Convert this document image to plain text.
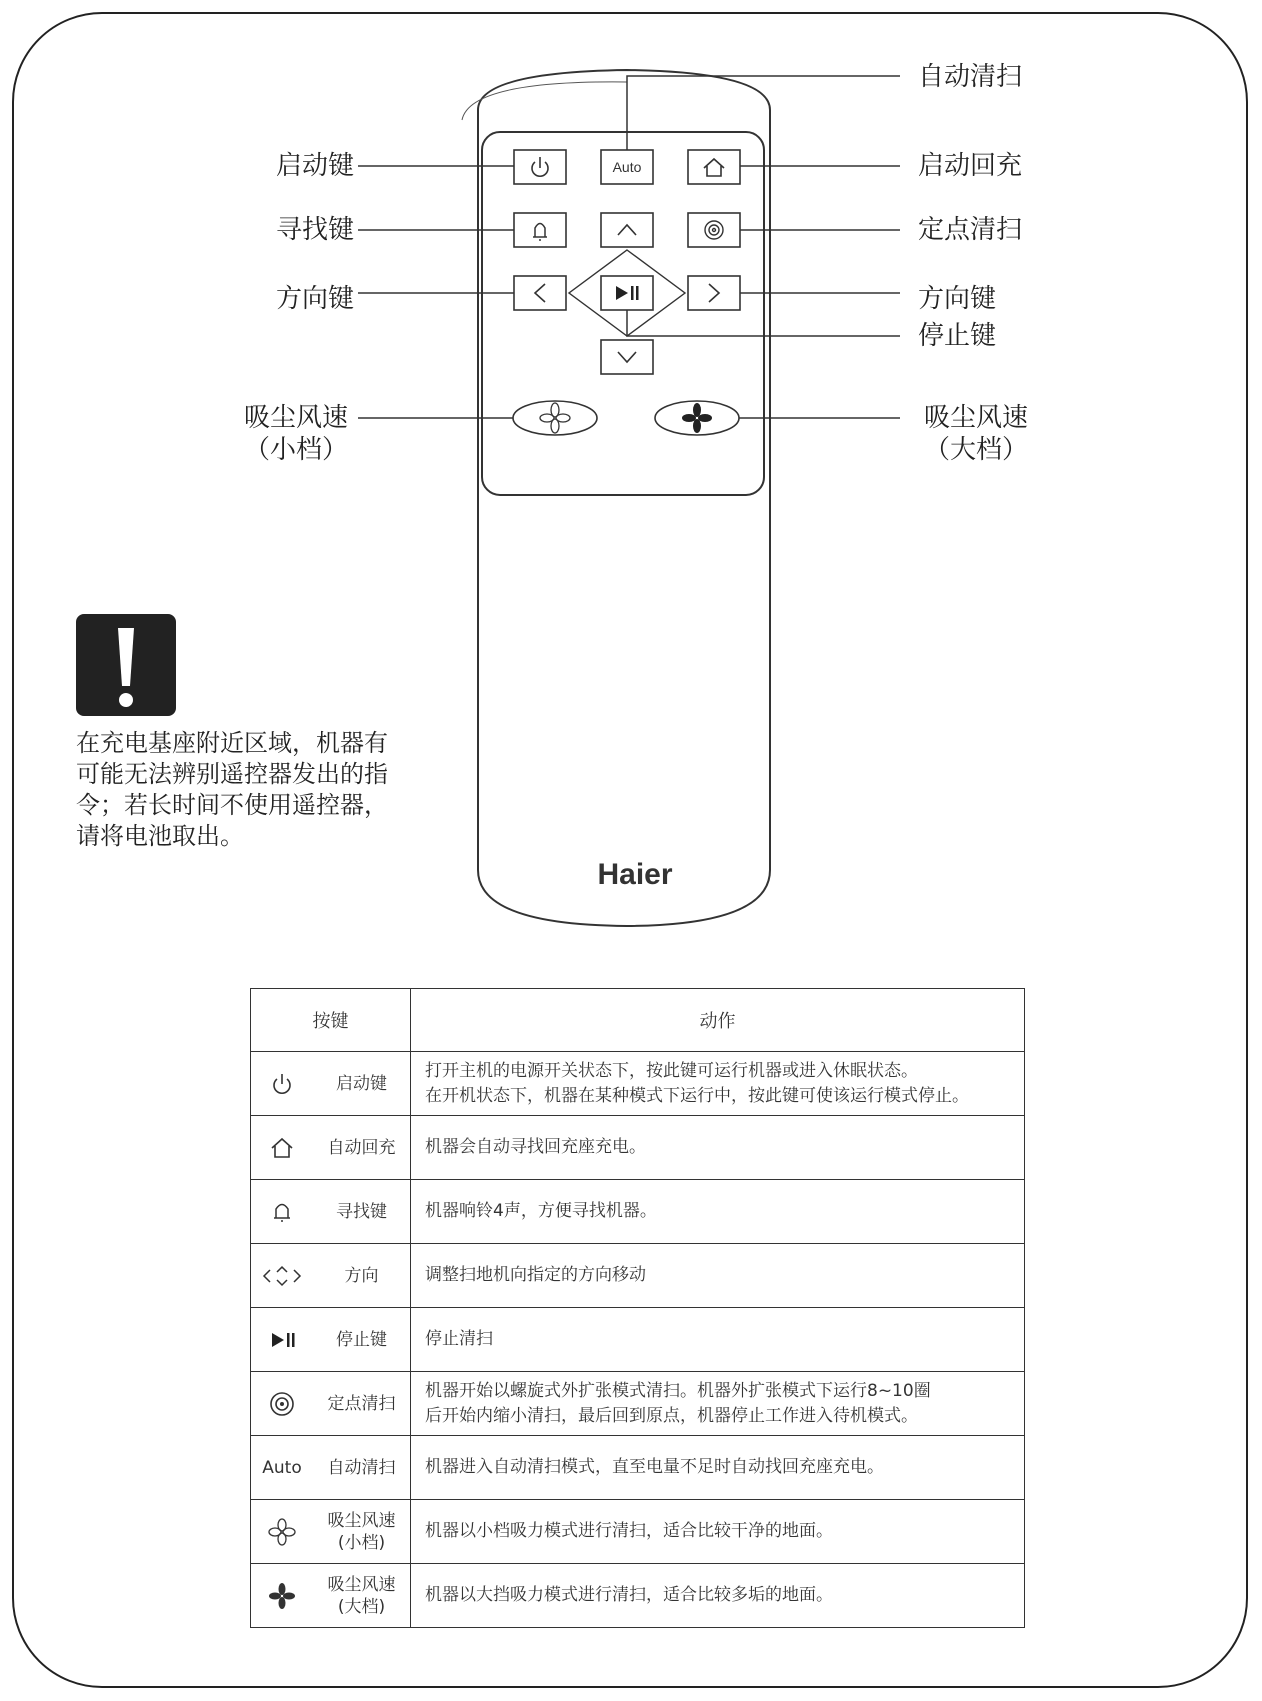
Auto
自动清扫
启动键	启动回充
寻找键	定点清扫
方向键	方向键
停止键
吸尘风速
（小档）
吸尘风速
（大档）
Haier
在充电基座附近区域，机器有可能无法辨别遥控器发出的指令；若长时间不使用遥控器，请将电池取出。
按键	动作

启动键	打开主机的电源开关状态下，按此键可运行机器或进入休眠状态。
在开机状态下，机器在某种模式下运行中，按此键可使该运行模式停止。

自动回充	机器会自动寻找回充座充电。

寻找键	机器响铃4声，方便寻找机器。

方向	调整扫地机向指定的方向移动

停止键	停止清扫

定点清扫	机器开始以螺旋式外扩张模式清扫。机器外扩张模式下运行8~10圈
后开始内缩小清扫，最后回到原点，机器停止工作进入待机模式。

Auto 自动清扫	机器进入自动清扫模式，直至电量不足时自动找回充座充电。

吸尘风速
(小档)	机器以小档吸力模式进行清扫，适合比较干净的地面。

吸尘风速
(大档)	机器以大挡吸力模式进行清扫，适合比较多垢的地面。
